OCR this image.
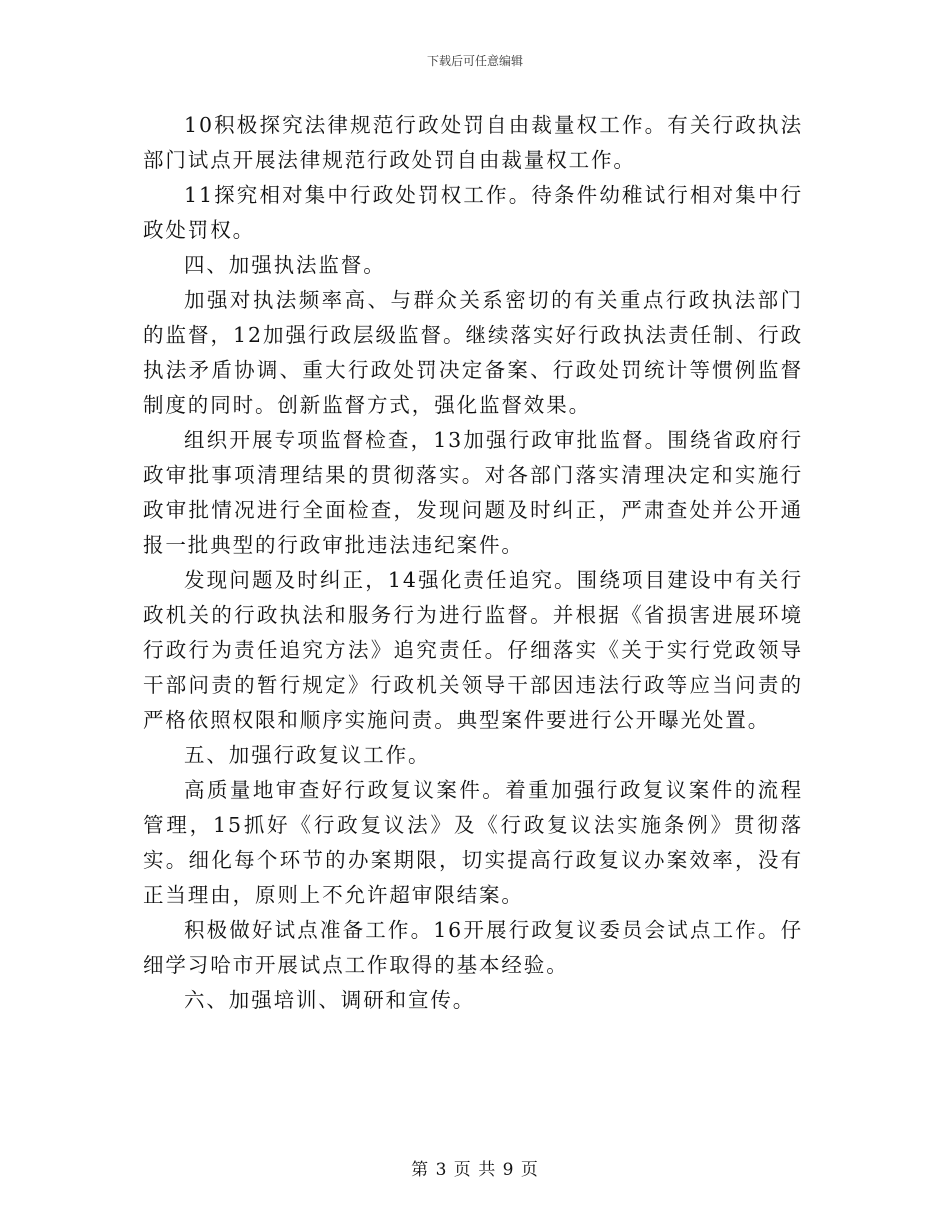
下载后可任意编辑

10积极探究法律规范行政处罚自由裁量权工作。有关行政执法部门试点开展法律规范行政处罚自由裁量权工作。

11探究相对集中行政处罚权工作。待条件幼稚试行相对集中行政处罚权。

四、加强执法监督。

加强对执法频率高、与群众关系密切的有关重点行政执法部门的监督，12加强行政层级监督。继续落实好行政执法责任制、行政执法矛盾协调、重大行政处罚决定备案、行政处罚统计等惯例监督制度的同时。创新监督方式，强化监督效果。

组织开展专项监督检查，13加强行政审批监督。围绕省政府行政审批事项清理结果的贯彻落实。对各部门落实清理决定和实施行政审批情况进行全面检查，发现问题及时纠正，严肃查处并公开通报一批典型的行政审批违法违纪案件。

发现问题及时纠正，14强化责任追究。围绕项目建设中有关行政机关的行政执法和服务行为进行监督。并根据《省损害进展环境行政行为责任追究方法》追究责任。仔细落实《关于实行党政领导干部问责的暂行规定》行政机关领导干部因违法行政等应当问责的严格依照权限和顺序实施问责。典型案件要进行公开曝光处置。

五、加强行政复议工作。

高质量地审查好行政复议案件。着重加强行政复议案件的流程管理，15抓好《行政复议法》及《行政复议法实施条例》贯彻落实。细化每个环节的办案期限，切实提高行政复议办案效率，没有正当理由，原则上不允许超审限结案。

积极做好试点准备工作。16开展行政复议委员会试点工作。仔细学习哈市开展试点工作取得的基本经验。

六、加强培训、调研和宣传。

第 3 页 共 9 页
